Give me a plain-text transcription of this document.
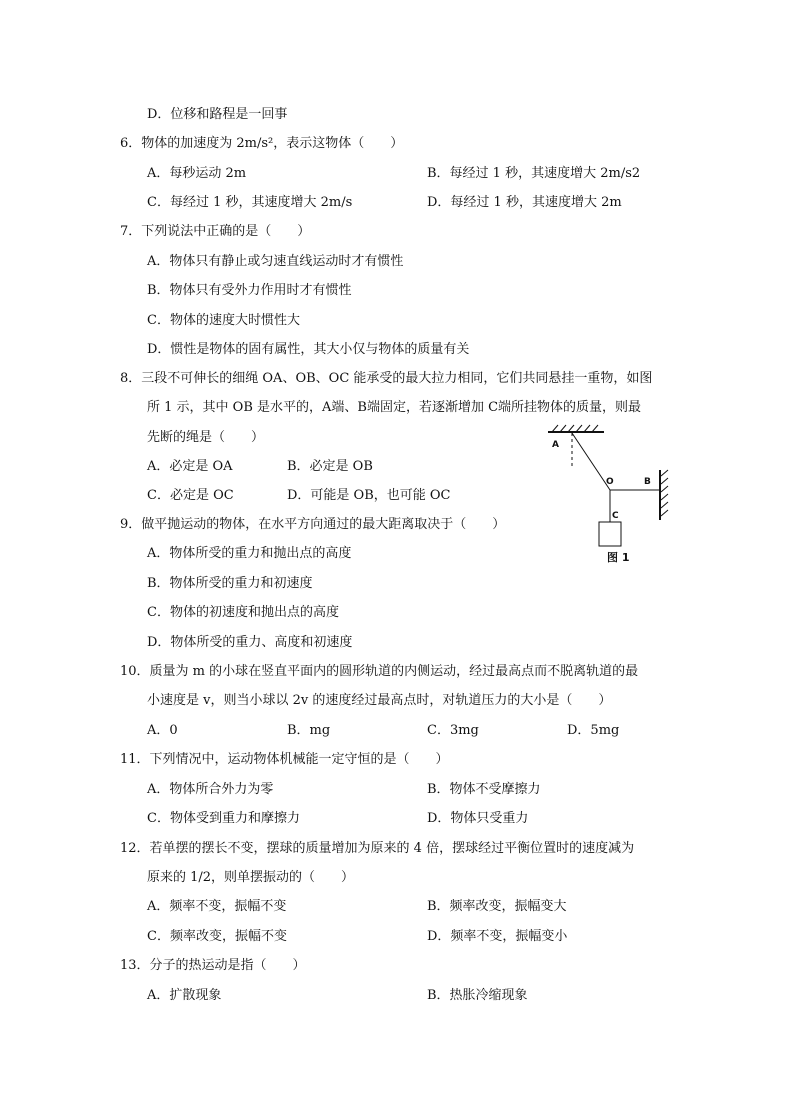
D．位移和路程是一回事
6．物体的加速度为 2m/s²，表示这物体（　　）
A．每秒运动 2m	B．每经过 1 秒，其速度增大 2m/s2
C．每经过 1 秒，其速度增大 2m/s	D．每经过 1 秒，其速度增大 2m
7．下列说法中正确的是（　　）
A．物体只有静止或匀速直线运动时才有惯性
B．物体只有受外力作用时才有惯性
C．物体的速度大时惯性大
D．惯性是物体的固有属性，其大小仅与物体的质量有关
8．三段不可伸长的细绳 OA、OB、OC 能承受的最大拉力相同，它们共同悬挂一重物，如图
所 1 示，其中 OB 是水平的，A端、B端固定，若逐渐增加 C端所挂物体的质量，则最
先断的绳是（　　）
A．必定是 OA	B．必定是 OB
C．必定是 OC	D．可能是 OB，也可能 OC
A
O	B
C
图 1
9．做平抛运动的物体，在水平方向通过的最大距离取决于（　　）
A．物体所受的重力和抛出点的高度
B．物体所受的重力和初速度
C．物体的初速度和抛出点的高度
D．物体所受的重力、高度和初速度
10．质量为 m 的小球在竖直平面内的圆形轨道的内侧运动，经过最高点而不脱离轨道的最
小速度是 v，则当小球以 2v 的速度经过最高点时，对轨道压力的大小是（　　）
A．0	B．mg	C．3mg	D．5mg
11．下列情况中，运动物体机械能一定守恒的是（　　）
A．物体所合外力为零	B．物体不受摩擦力
C．物体受到重力和摩擦力	D．物体只受重力
12．若单摆的摆长不变，摆球的质量增加为原来的 4 倍，摆球经过平衡位置时的速度减为
原来的 1/2，则单摆振动的（　　）
A．频率不变，振幅不变	B．频率改变，振幅变大
C．频率改变，振幅不变	D．频率不变，振幅变小
13．分子的热运动是指（　　）
A．扩散现象	B．热胀冷缩现象
